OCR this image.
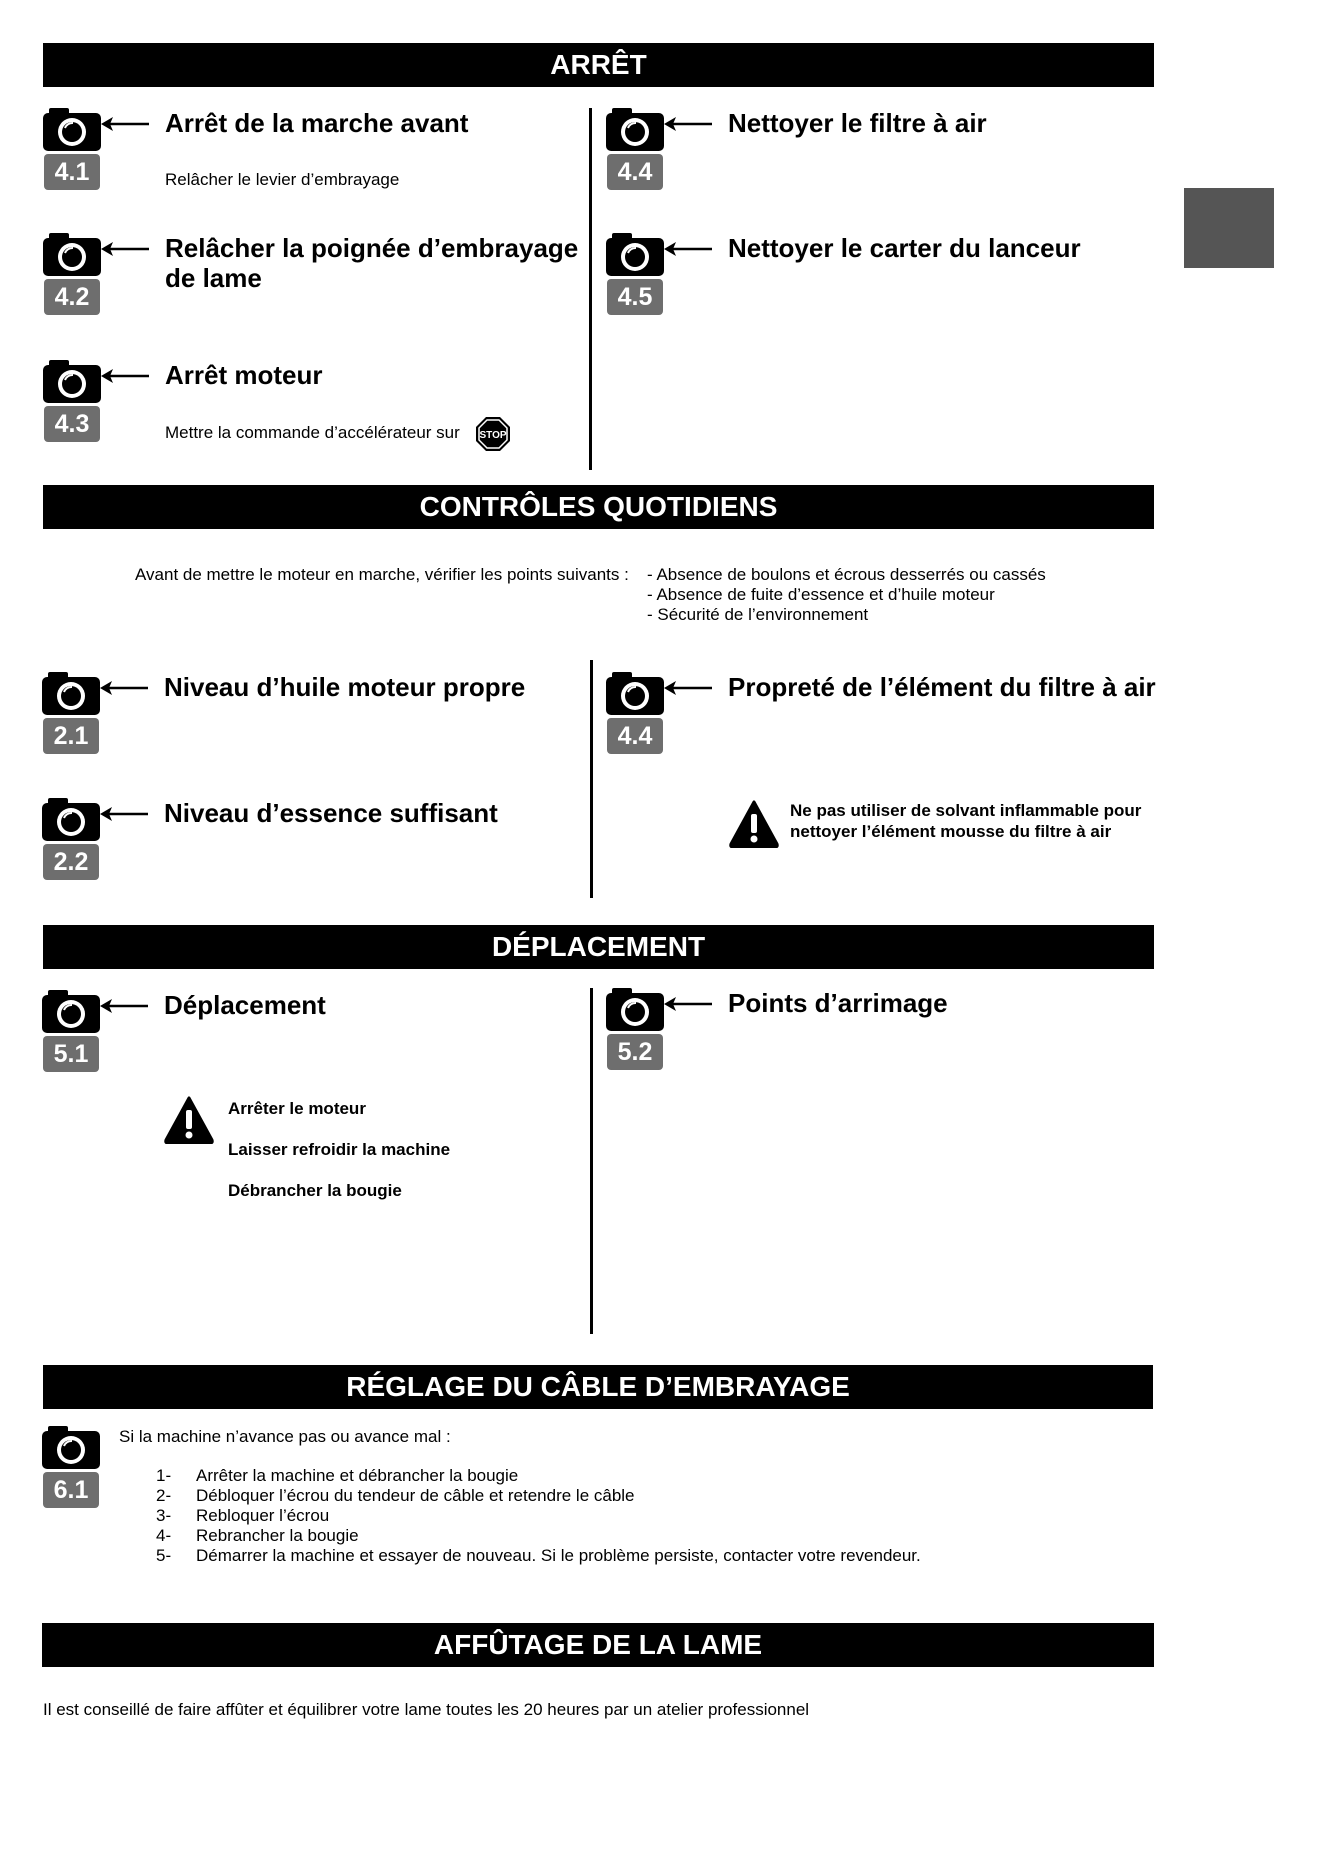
ARRÊT
4.1
Arrêt de la marche avant
Relâcher le levier d’embrayage
4.2
Relâcher la poignée d’embrayage
de lame
4.3
Arrêt moteur
Mettre la commande d’accélérateur sur STOP
4.4
Nettoyer le filtre à air
4.5
Nettoyer le carter du lanceur
CONTRÔLES QUOTIDIENS
Avant de mettre le moteur en marche, vérifier les points suivants : - Absence de boulons et écrous desserrés ou cassés
- Absence de fuite d’essence et d’huile moteur
- Sécurité de l’environnement
2.1
Niveau d’huile moteur propre
2.2
Niveau d’essence suffisant
4.4
Propreté de l’élément du filtre à air
Ne pas utiliser de solvant inflammable pour
nettoyer l’élément mousse du filtre à air
DÉPLACEMENT
5.1
Déplacement
Arrêter le moteur
Laisser refroidir la machine
Débrancher la bougie
5.2
Points d’arrimage
RÉGLAGE DU CÂBLE D’EMBRAYAGE
6.1
Si la machine n’avance pas ou avance mal :
1- Arrêter la machine et débrancher la bougie
2- Débloquer l’écrou du tendeur de câble et retendre le câble
3- Rebloquer l’écrou
4- Rebrancher la bougie
5- Démarrer la machine et essayer de nouveau. Si le problème persiste, contacter votre revendeur.
AFFÛTAGE DE LA LAME
Il est conseillé de faire affûter et équilibrer votre lame toutes les 20 heures par un atelier professionnel
